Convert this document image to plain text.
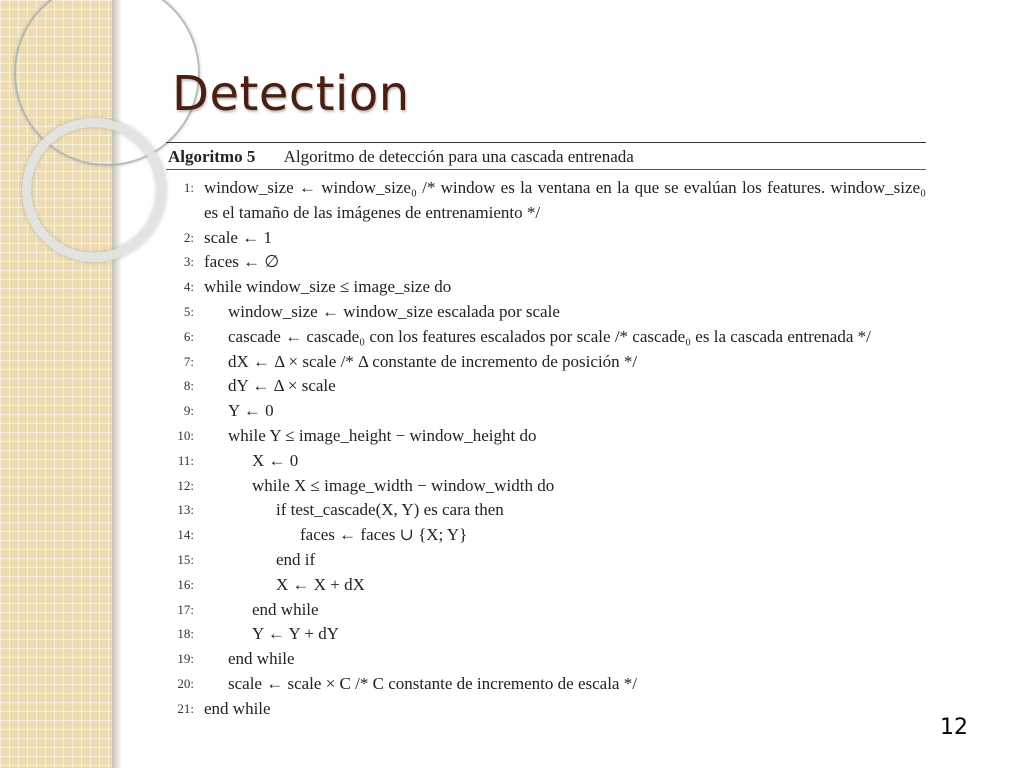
Detection
Algoritmo 5 Algoritmo de detección para una cascada entrenada
1: window_size ← window_size₀ /* window es la ventana en la que se evalúan los features. window_size₀ es el tamaño de las imágenes de entrenamiento */
2: scale ← 1
3: faces ← ∅
4: while window_size ≤ image_size do
5: window_size ← window_size escalada por scale
6:	cascade ← cascade₀ con los features escalados por scale /* cascade₀ es la cascada entrenada */
7: dX ← Δ × scale /* Δ constante de incremento de posición */
8: dY ← Δ × scale
9: Y ← 0
10: while Y ≤ image_height − window_height do
11:	X ← 0
12:	while X ≤ image_width − window_width do
13:	if test_cascade(X, Y) es cara then
14:	faces ← faces ∪ {X; Y}
15:	end if
16:	X ← X + dX
17:	end while
18:	Y ← Y + dY
19: end while
20: scale ← scale × C /* C constante de incremento de escala */
21: end while
12
